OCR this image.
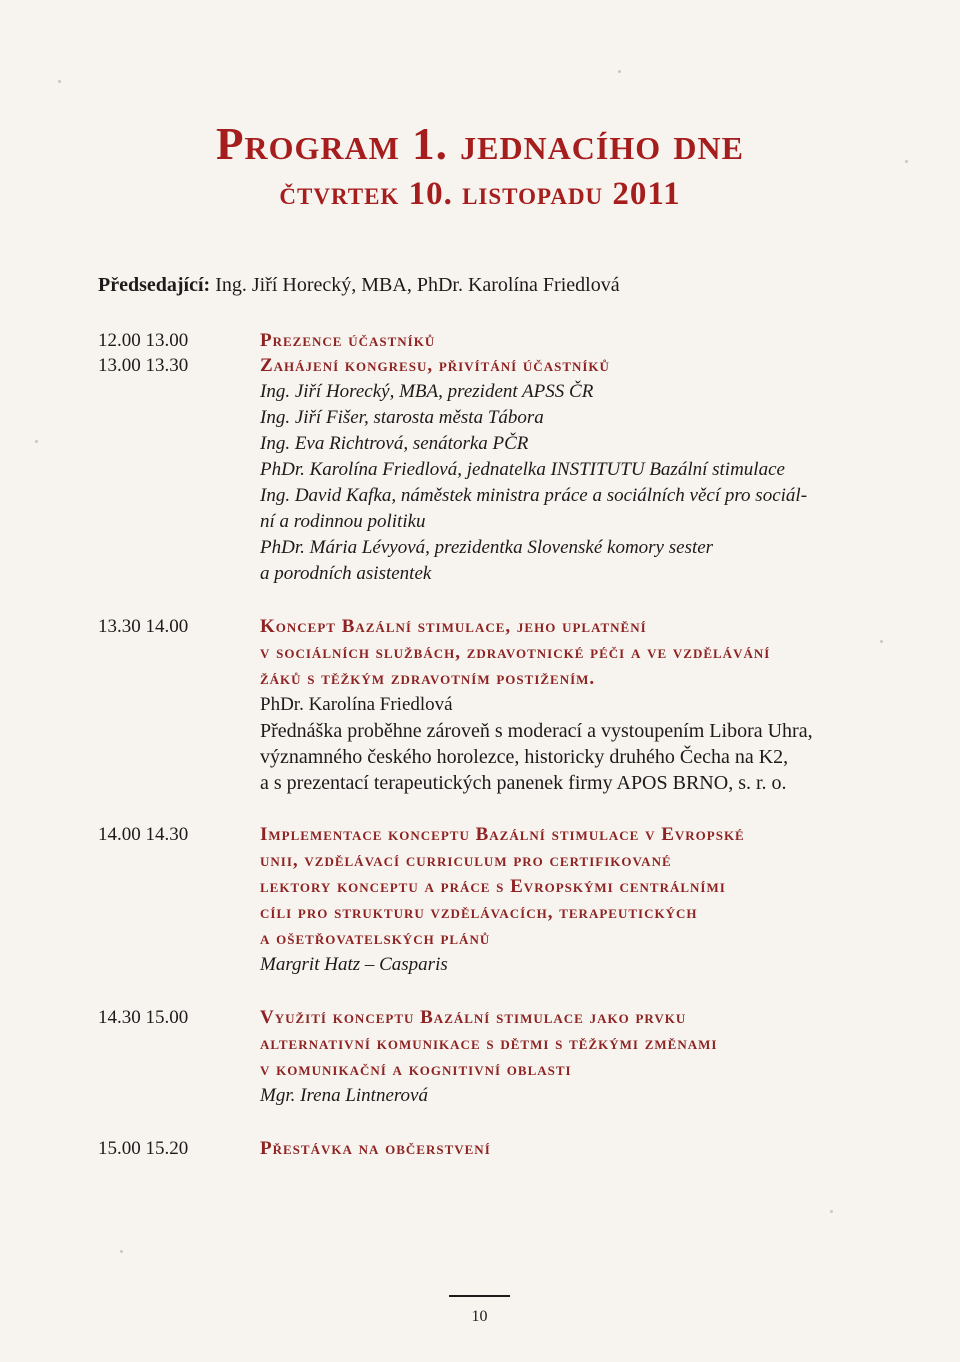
Program 1. jednacího dne
čtvrtek 10. listopadu 2011
Předsedající: Ing. Jiří Horecký, MBA, PhDr. Karolína Friedlová
12.00 13.00	Prezence účastníků
13.00 13.30	Zahájení kongresu, přivítání účastníků
Ing. Jiří Horecký, MBA, prezident APSS ČR
Ing. Jiří Fišer, starosta města Tábora
Ing. Eva Richtrová, senátorka PČR
PhDr. Karolína Friedlová, jednatelka INSTITUTU Bazální stimulace
Ing. David Kafka, náměstek ministra práce a sociálních věcí pro sociál-
ní a rodinnou politiku
PhDr. Mária Lévyová, prezidentka Slovenské komory sester
a porodních asistentek
13.30 14.00	Koncept Bazální stimulace, jeho uplatnění
v sociálních službách, zdravotnické péči a ve vzdělávání
žáků s těžkým zdravotním postižením.
PhDr. Karolína Friedlová
Přednáška proběhne zároveň s moderací a vystoupením Libora Uhra,
významného českého horolezce, historicky druhého Čecha na K2,
a s prezentací terapeutických panenek firmy APOS BRNO, s. r. o.
14.00 14.30	Implementace konceptu Bazální stimulace v Evropské
unii, vzdělávací curriculum pro certifikované
lektory konceptu a práce s Evropskými centrálními
cíli pro strukturu vzdělávacích, terapeutických
a ošetřovatelských plánů
Margrit Hatz – Casparis
14.30 15.00	Využití konceptu Bazální stimulace jako prvku
alternativní komunikace s dětmi s těžkými změnami
v komunikační a kognitivní oblasti
Mgr. Irena Lintnerová
15.00 15.20	Přestávka na občerstvení
10
